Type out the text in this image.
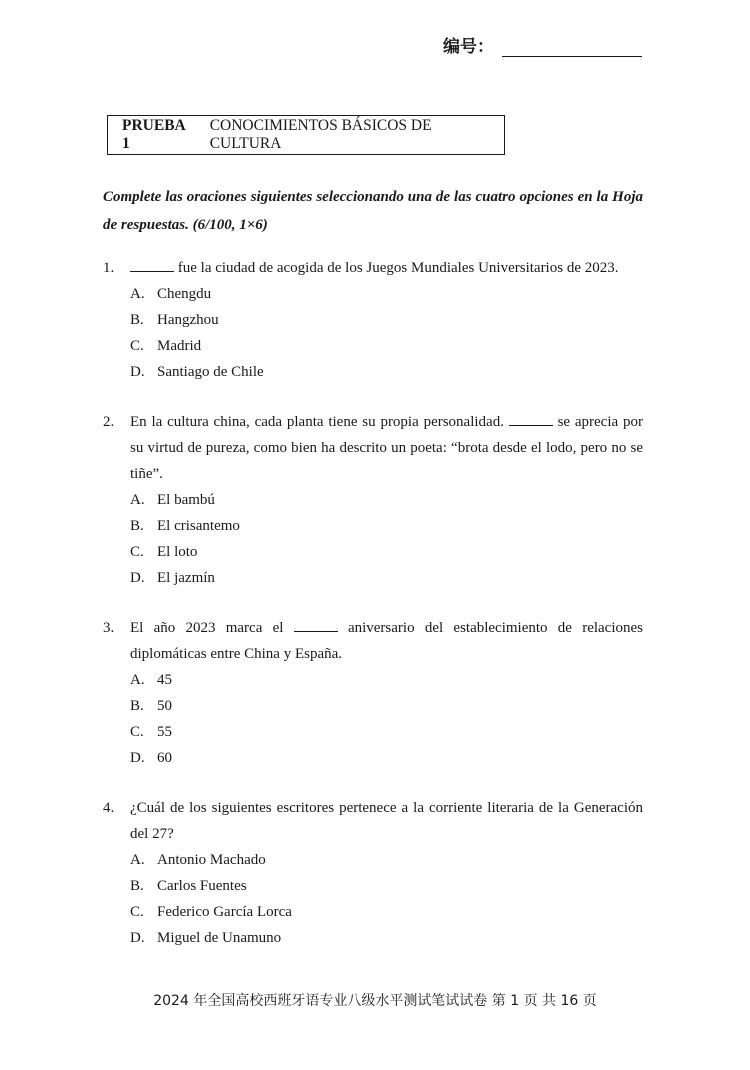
编号：
PRUEBA 1
CONOCIMIENTOS BÁSICOS DE CULTURA
Complete las oraciones siguientes seleccionando una de las cuatro opciones en la Hoja de respuestas. (6/100, 1×6)
1.	fue la ciudad de acogida de los Juegos Mundiales Universitarios de 2023.
A. Chengdu
B. Hangzhou
C. Madrid
D. Santiago de Chile
2.	En la cultura china, cada planta tiene su propia personalidad.	se aprecia por su virtud de pureza, como bien ha descrito un poeta: “brota desde el lodo, pero no se tiñe”.
A. El bambú
B. El crisantemo
C. El loto
D. El jazmín
3.	El año 2023 marca el	aniversario del establecimiento de relaciones diplomáticas entre China y España.
A. 45
B. 50
C. 55
D. 60
4.	¿Cuál de los siguientes escritores pertenece a la corriente literaria de la Generación del 27?
A. Antonio Machado
B. Carlos Fuentes
C. Federico García Lorca
D. Miguel de Unamuno
2024 年全国高校西班牙语专业八级水平测试笔试试卷 第 1 页 共 16 页
